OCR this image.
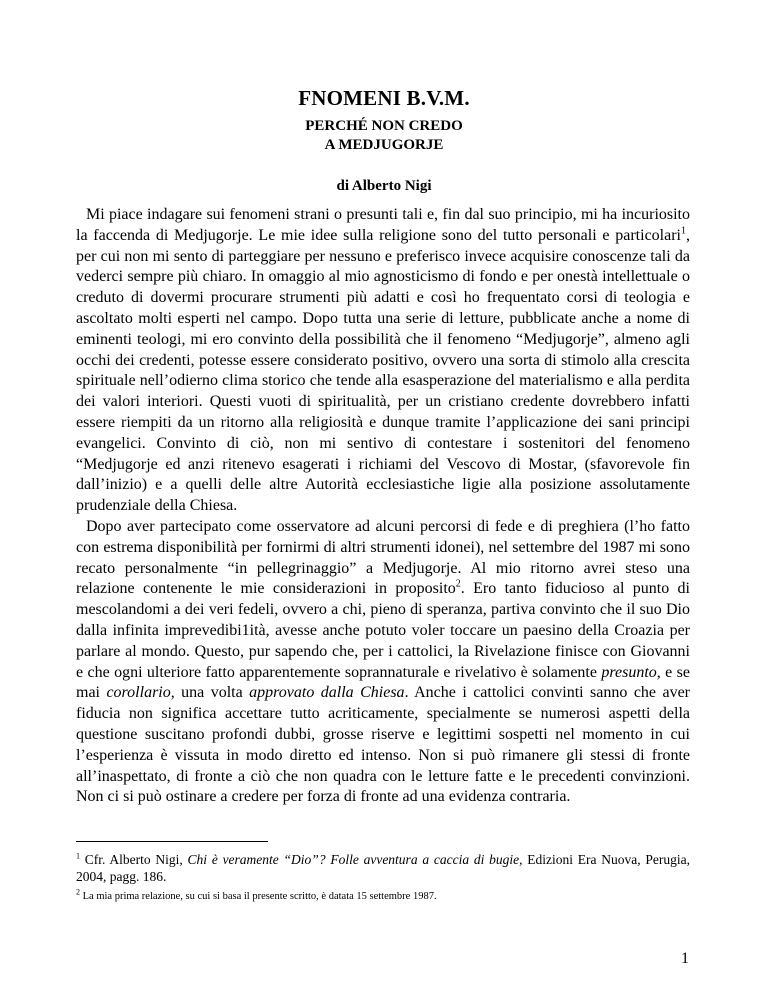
FNOMENI B.V.M.
PERCHÉ NON CREDO
A MEDJUGORJE
di Alberto Nigi

Mi piace indagare sui fenomeni strani o presunti tali e, fin dal suo principio, mi ha incuriosito la faccenda di Medjugorje. Le mie idee sulla religione sono del tutto personali e particolari$^1$, per cui non mi sento di parteggiare per nessuno e preferisco invece acquisire conoscenze tali da vederci sempre più chiaro. In omaggio al mio agnosticismo di fondo e per onestà intellettuale o creduto di dovermi procurare strumenti più adatti e così ho frequentato corsi di teologia e ascoltato molti esperti nel campo. Dopo tutta una serie di letture, pubblicate anche a nome di eminenti teologi, mi ero convinto della possibilità che il fenomeno “Medjugorje”, almeno agli occhi dei credenti, potesse essere considerato positivo, ovvero una sorta di stimolo alla crescita spirituale nell’odierno clima storico che tende alla esasperazione del materialismo e alla perdita dei valori interiori. Questi vuoti di spiritualità, per un cristiano credente dovrebbero infatti essere riempiti da un ritorno alla religiosità e dunque tramite l’applicazione dei sani principi evangelici. Convinto di ciò, non mi sentivo di contestare i sostenitori del fenomeno “Medjugorje ed anzi ritenevo esagerati i richiami del Vescovo di Mostar, (sfavorevole fin dall’inizio) e a quelli delle altre Autorità ecclesiastiche ligie alla posizione assolutamente prudenziale della Chiesa.

Dopo aver partecipato come osservatore ad alcuni percorsi di fede e di preghiera (l’ho fatto con estrema disponibilità per fornirmi di altri strumenti idonei), nel settembre del 1987 mi sono recato personalmente “in pellegrinaggio” a Medjugorje. Al mio ritorno avrei steso una relazione contenente le mie considerazioni in proposito$^2$. Ero tanto fiducioso al punto di mescolandomi a dei veri fedeli, ovvero a chi, pieno di speranza, partiva convinto che il suo Dio dalla infinita imprevedibi1ità, avesse anche potuto voler toccare un paesino della Croazia per parlare al mondo. Questo, pur sapendo che, per i cattolici, la Rivelazione finisce con Giovanni e che ogni ulteriore fatto apparentemente soprannaturale e rivelativo è solamente presunto, e se mai corollario, una volta approvato dalla Chiesa. Anche i cattolici convinti sanno che aver fiducia non significa accettare tutto acriticamente, specialmente se numerosi aspetti della questione suscitano profondi dubbi, grosse riserve e legittimi sospetti nel momento in cui l’esperienza è vissuta in modo diretto ed intenso. Non si può rimanere gli stessi di fronte all’inaspettato, di fronte a ciò che non quadra con le letture fatte e le precedenti convinzioni. Non ci si può ostinare a credere per forza di fronte ad una evidenza contraria.

$^1$ Cfr. Alberto Nigi, Chi è veramente “Dio”? Folle avventura a caccia di bugie, Edizioni Era Nuova, Perugia, 2004, pagg. 186.
$^2$ La mia prima relazione, su cui si basa il presente scritto, è datata 15 settembre 1987.
1
